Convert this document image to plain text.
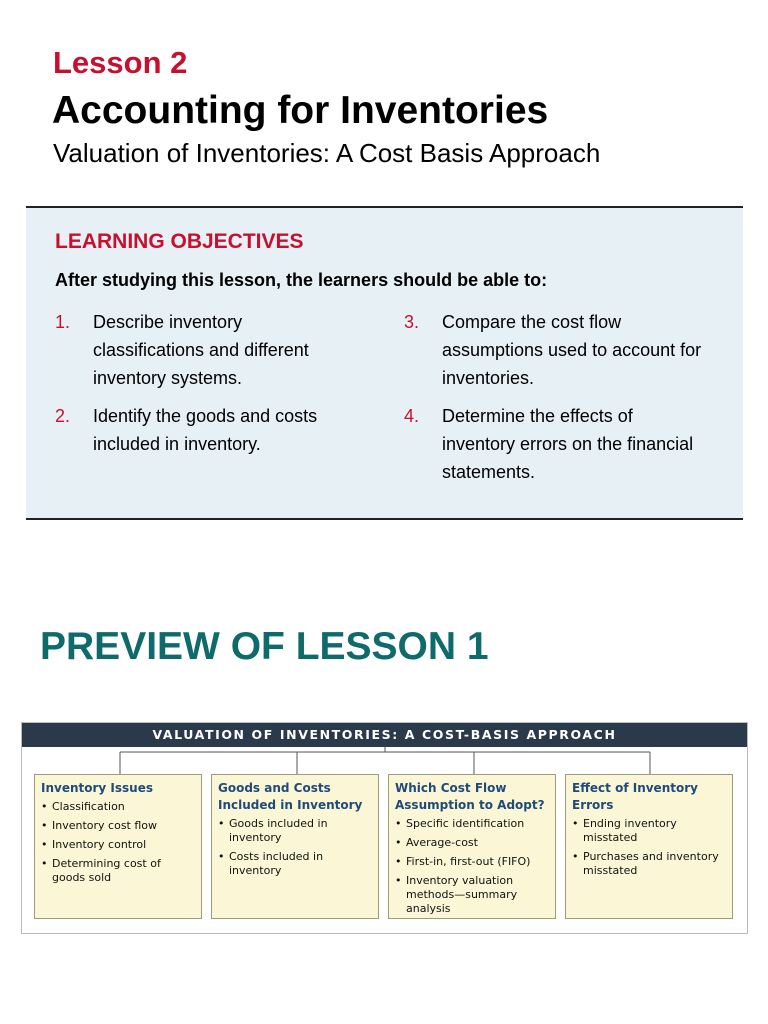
Lesson 2
Accounting for Inventories

Valuation of Inventories: A Cost Basis Approach

LEARNING OBJECTIVES

After studying this lesson, the learners should be able to:

1. Describe inventory classifications and different inventory systems.
2. Identify the goods and costs included in inventory.
3. Compare the cost flow assumptions used to account for inventories.
4. Determine the effects of inventory errors on the financial statements.
PREVIEW OF LESSON 1
VALUATION OF INVENTORIES: A COST-BASIS APPROACH
Inventory Issues
• Classification
• Inventory cost flow
• Inventory control
• Determining cost of goods sold
Goods and Costs Included in Inventory
• Goods included in inventory
• Costs included in inventory
Which Cost Flow Assumption to Adopt?
• Specific identification
• Average-cost
• First-in, first-out (FIFO)
• Inventory valuation methods—summary analysis
Effect of Inventory Errors
• Ending inventory misstated
• Purchases and inventory misstated
